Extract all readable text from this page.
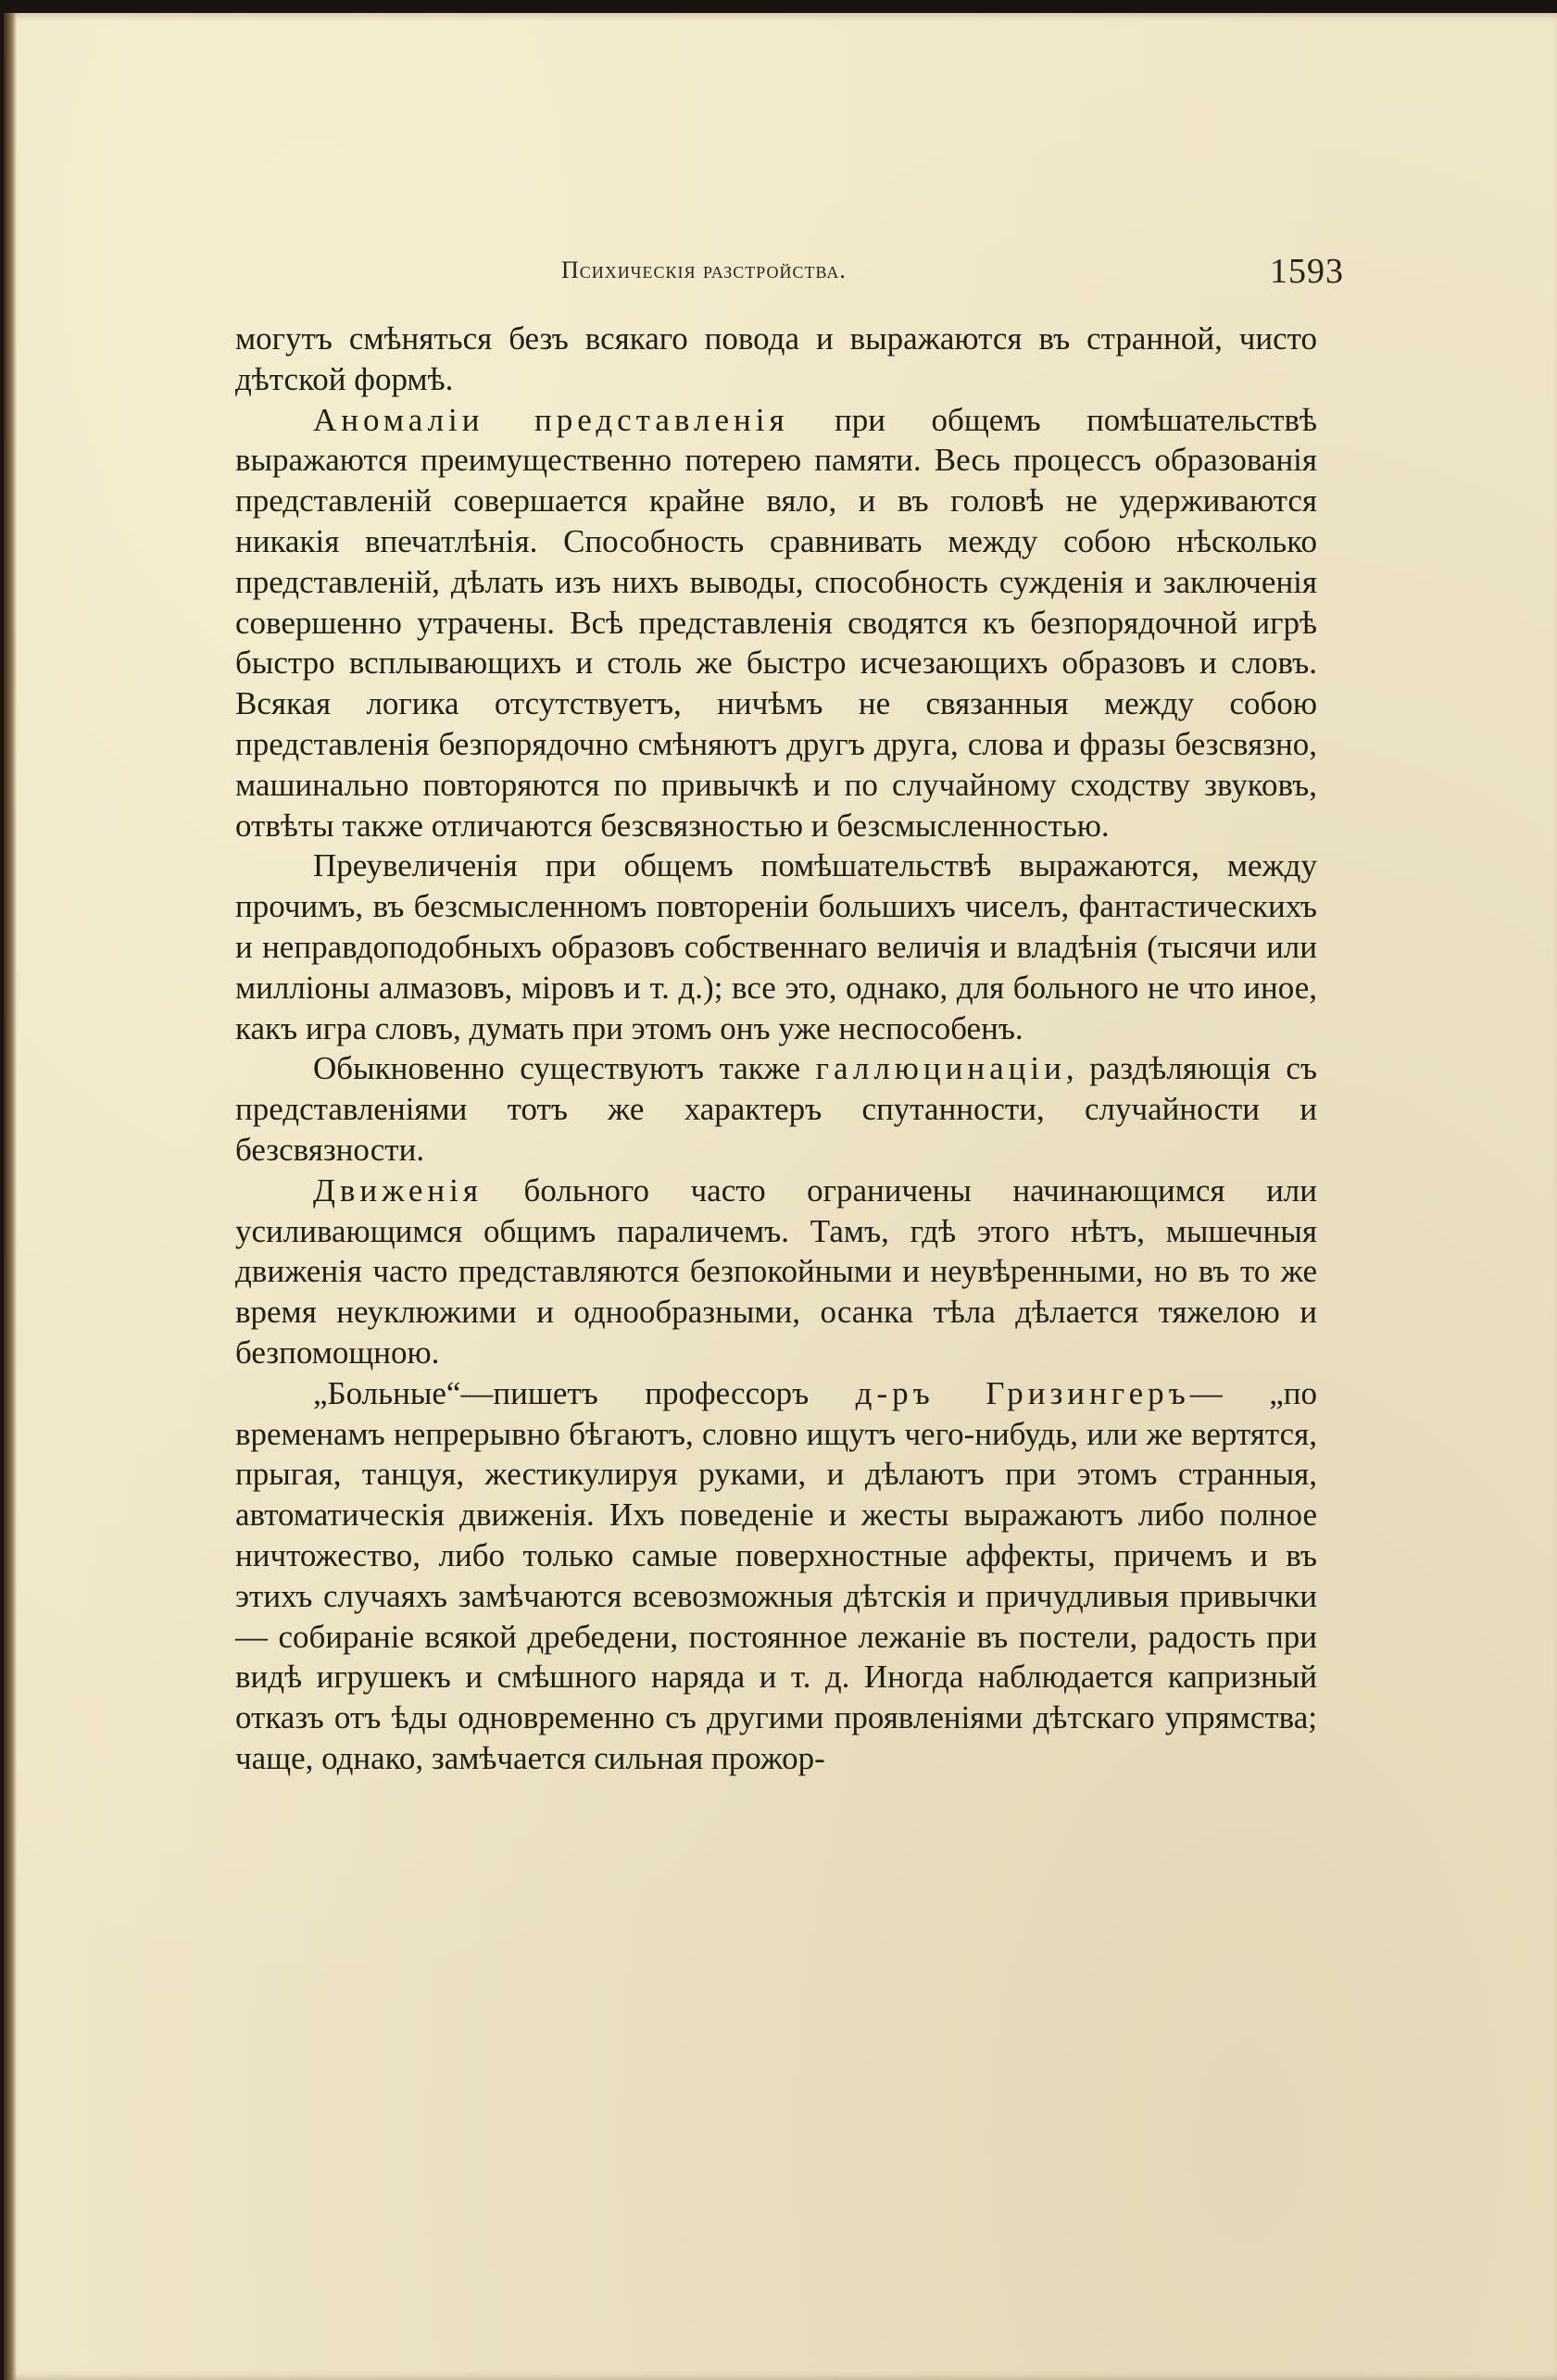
Психическія разстройства.	1593

могутъ смѣняться безъ всякаго повода и выражаются въ странной, чисто дѣтской формѣ.

Аномаліи представленія при общемъ помѣшательствѣ выражаются преимущественно потерею памяти. Весь процессъ образованія представленій совершается крайне вяло, и въ головѣ не удерживаются никакія впечатлѣнія. Способность сравнивать между собою нѣсколько представленій, дѣлать изъ нихъ выводы, способность сужденія и заключенія совершенно утрачены. Всѣ представленія сводятся къ безпорядочной игрѣ быстро всплывающихъ и столь же быстро исчезающихъ образовъ и словъ. Всякая логика отсутствуетъ, ничѣмъ не связанныя между собою представленія безпорядочно смѣняютъ другъ друга, слова и фразы безсвязно, машинально повторяются по привычкѣ и по случайному сходству звуковъ, отвѣты также отличаются безсвязностью и безсмысленностью.

Преувеличенія при общемъ помѣшательствѣ выражаются, между прочимъ, въ безсмысленномъ повтореніи большихъ чиселъ, фантастическихъ и неправдоподобныхъ образовъ собственнаго величія и владѣнія (тысячи или милліоны алмазовъ, міровъ и т. д.); все это, однако, для больного не что иное, какъ игра словъ, думать при этомъ онъ уже неспособенъ.

Обыкновенно существуютъ также галлюцинаціи, раздѣляющія съ представленіями тотъ же характеръ спутанности, случайности и безсвязности.

Движенія больного часто ограничены начинающимся или усиливающимся общимъ параличемъ. Тамъ, гдѣ этого нѣтъ, мышечныя движенія часто представляются безпокойными и неувѣренными, но въ то же время неуклюжими и однообразными, осанка тѣла дѣлается тяжелою и безпомощною.

„Больные“—пишетъ профессоръ д-ръ Гризингеръ— „по временамъ непрерывно бѣгаютъ, словно ищутъ чего-нибудь, или же вертятся, прыгая, танцуя, жестикулируя руками, и дѣлаютъ при этомъ странныя, автоматическія движенія. Ихъ поведеніе и жесты выражаютъ либо полное ничтожество, либо только самые поверхностные аффекты, причемъ и въ этихъ случаяхъ замѣчаются всевозможныя дѣтскія и причудливыя привычки — собираніе всякой дребедени, постоянное лежаніе въ постели, радость при видѣ игрушекъ и смѣшного наряда и т. д. Иногда наблюдается капризный отказъ отъ ѣды одновременно съ другими проявленіями дѣтскаго упрямства; чаще, однако, замѣчается сильная прожор-
